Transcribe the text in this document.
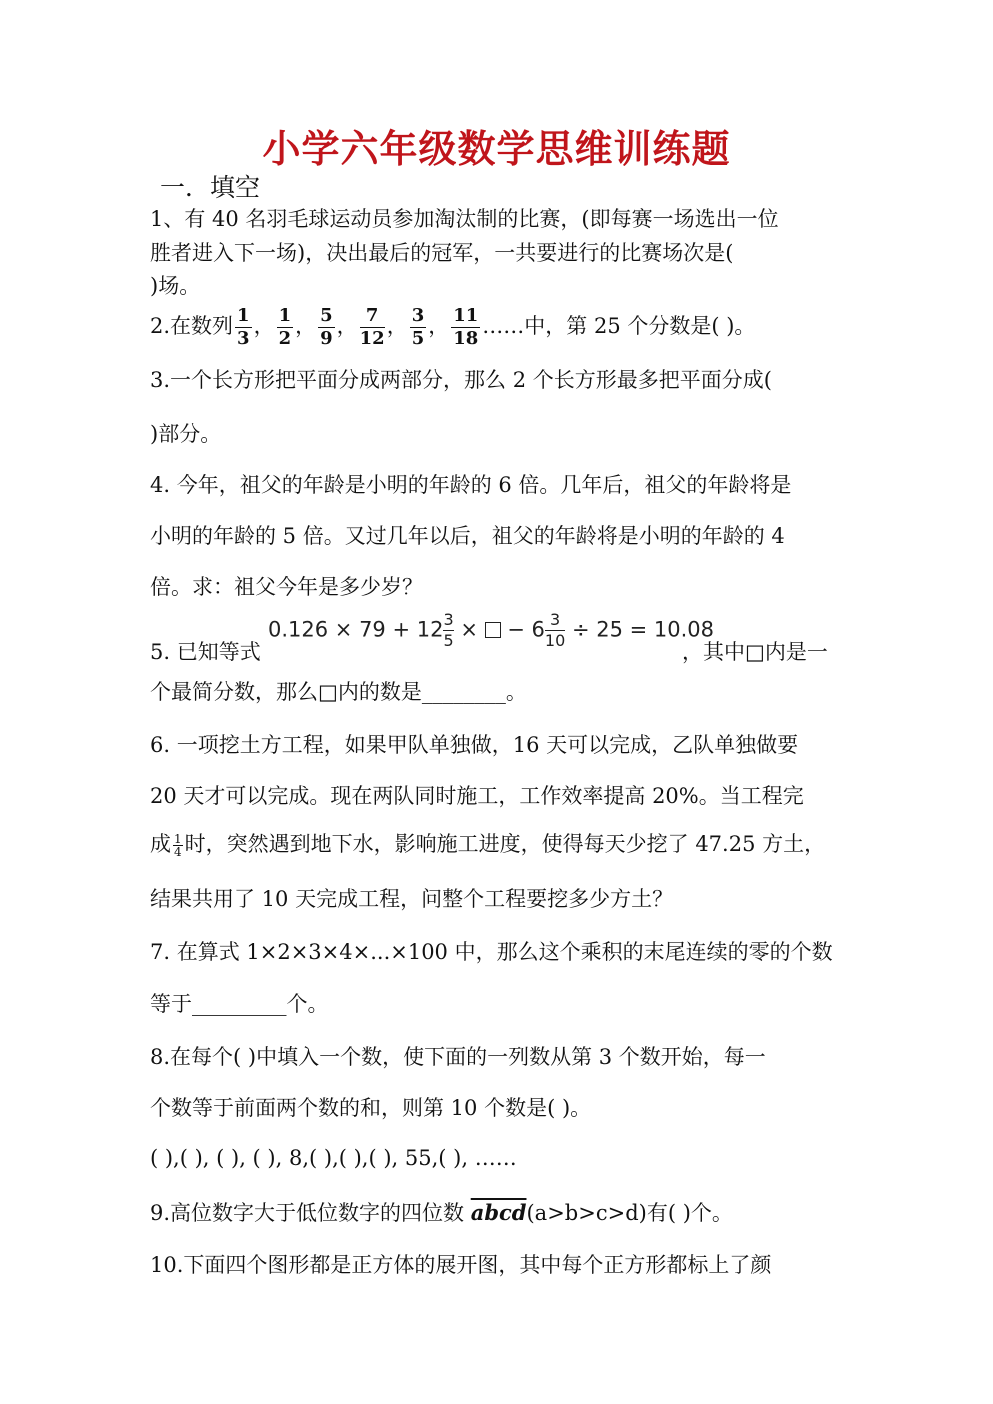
小学六年级数学思维训练题
一．填空
1、有 40 名羽毛球运动员参加淘汰制的比赛，(即每赛一场选出一位
胜者进入下一场)，决出最后的冠军，一共要进行的比赛场次是(
)场。
2.在数列 $\frac{1}{3}$ ， $\frac{1}{2}$ ， $\frac{5}{9}$ ， $\frac{7}{12}$ ， $\frac{3}{5}$ ， $\frac{11}{18}$ ……中，第 25 个分数是( )。
3.一个长方形把平面分成两部分，那么 2 个长方形最多把平面分成(
)部分。
4. 今年，祖父的年龄是小明的年龄的 6 倍。几年后，祖父的年龄将是
小明的年龄的 5 倍。又过几年以后，祖父的年龄将是小明的年龄的 4
倍。求：祖父今年是多少岁？
5. 已知等式
$0.126 \times 79 + 12 \frac{3}{5}$ ×  − $6 \frac{3}{10} \div 25 = 10.08$
，其中□内是一
个最简分数，那么□内的数是________。
6. 一项挖土方工程，如果甲队单独做，16 天可以完成，乙队单独做要
20 天才可以完成。现在两队同时施工，工作效率提高 20%。当工程完
成 $\frac{1}{4}$ 时，突然遇到地下水，影响施工进度，使得每天少挖了 47.25 方土，
结果共用了 10 天完成工程，问整个工程要挖多少方土？
7. 在算式 1×2×3×4×...×100 中，那么这个乘积的末尾连续的零的个数
等于_________个。
8.在每个( )中填入一个数，使下面的一列数从第 3 个数开始，每一
个数等于前面两个数的和，则第 10 个数是( )。
( ),( ), ( ), ( ), 8,( ),( ),( ), 55,( ), ……
9.高位数字大于低位数字的四位数 abcd(a>b>c>d)有( )个。
10.下面四个图形都是正方体的展开图，其中每个正方形都标上了颜
